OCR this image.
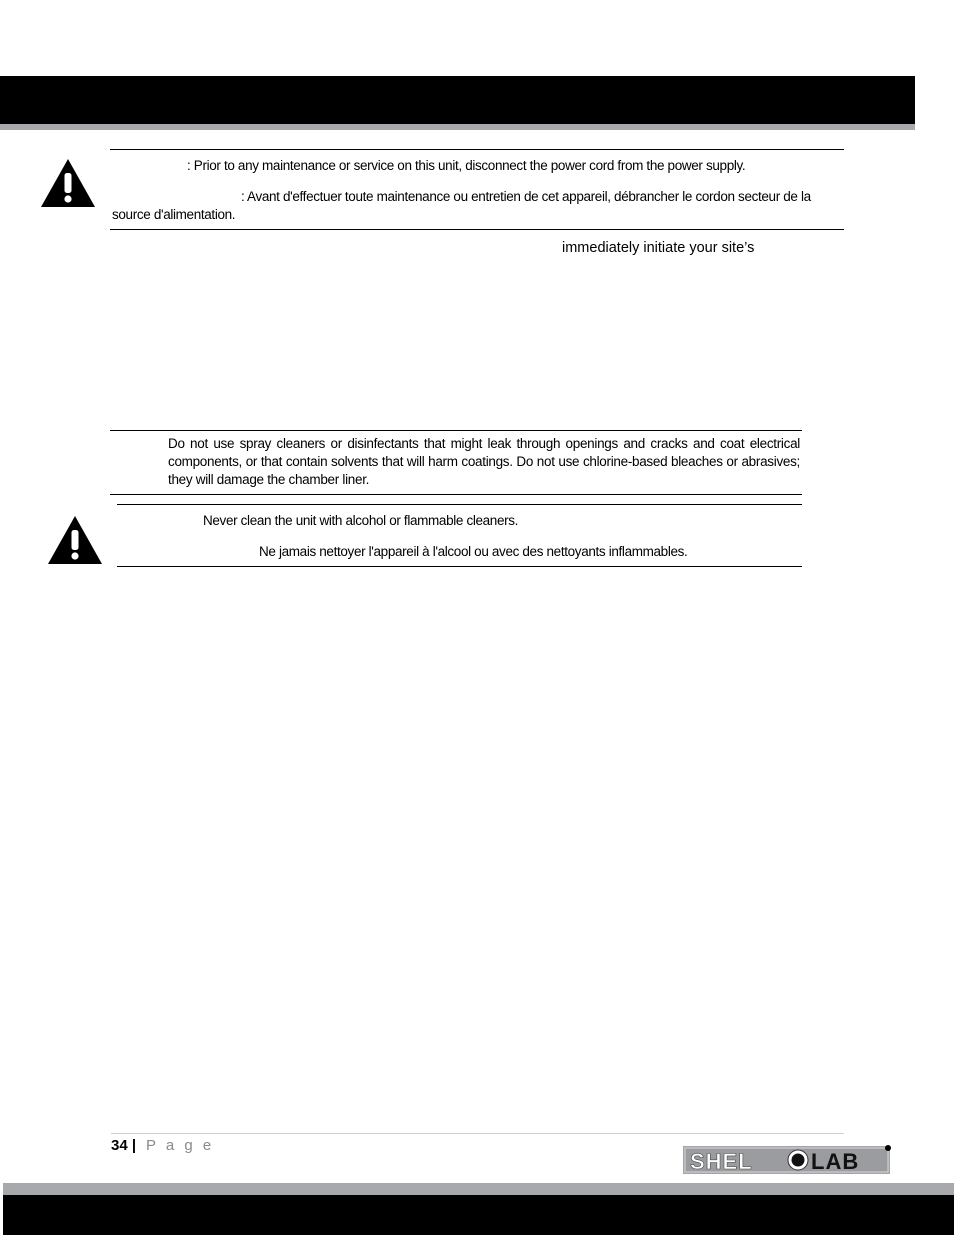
: Prior to any maintenance or service on this unit, disconnect the power cord from the power supply.
: Avant d'effectuer toute maintenance ou entretien de cet appareil, débrancher le cordon secteur de la
source d'alimentation.
immediately initiate your site’s
Do not use spray cleaners or disinfectants that might leak through openings and cracks and coat electrical components, or that contain solvents that will harm coatings. Do not use chlorine-based bleaches or abrasives; they will damage the chamber liner.
Never clean the unit with alcohol or flammable cleaners.
Ne jamais nettoyer l'appareil à l'alcool ou avec des nettoyants inflammables.
34 | P a g e
SHEL	LAB
